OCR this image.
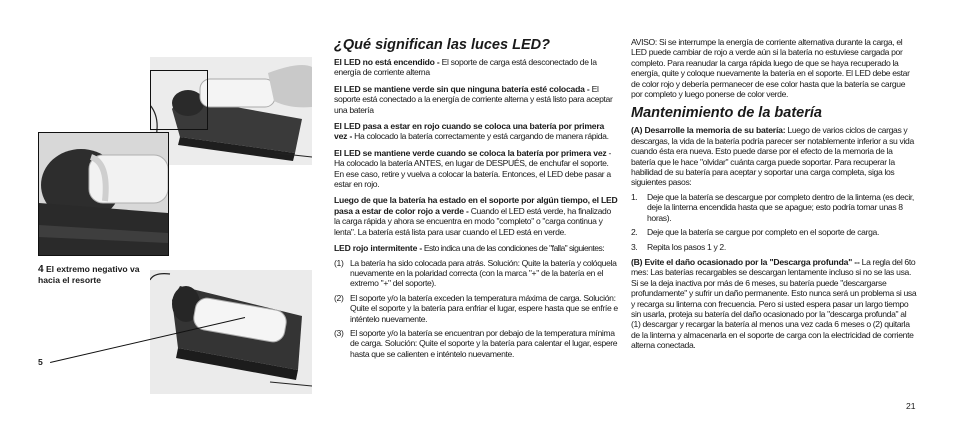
4 El extremo negativo va hacia el resorte
5
¿Qué significan las luces LED?

El LED no está encendido - El soporte de carga está desconectado de la energía de corriente alterna

El LED se mantiene verde sin que ninguna batería esté colocada - El soporte está conectado a la energía de corriente alterna y está listo para aceptar una batería

El LED pasa a estar en rojo cuando se coloca una batería por primera vez - Ha colocado la batería correctamente y está cargando de manera rápida.

El LED se mantiene verde cuando se coloca la batería por primera vez - Ha colocado la batería ANTES, en lugar de DESPUÉS, de enchufar el soporte. En ese caso, retire y vuelva a colocar la batería. Entonces, el LED debe pasar a estar en rojo.

Luego de que la batería ha estado en el soporte por algún tiempo, el LED pasa a estar de color rojo a verde - Cuando el LED está verde, ha finalizado la carga rápida y ahora se encuentra en modo "completo" o "carga continua y lenta". La batería está lista para usar cuando el LED está en verde.

LED rojo intermitente - Esto indica una de las condiciones de "falla" siguientes:

(1) La batería ha sido colocada para atrás. Solución: Quite la batería y colóquela nuevamente en la polaridad correcta (con la marca "+" de la batería en el extremo "+" del soporte).
(2) El soporte y/o la batería exceden la temperatura máxima de carga. Solución: Quite el soporte y la batería para enfriar el lugar, espere hasta que se enfríe e inténtelo nuevamente.
(3) El soporte y/o la batería se encuentran por debajo de la temperatura mínima de carga. Solución: Quite el soporte y la batería para calentar el lugar, espere hasta que se calienten e inténtelo nuevamente.

AVISO: Si se interrumpe la energía de corriente alternativa durante la carga, el LED puede cambiar de rojo a verde aún si la batería no estuviese cargada por completo. Para reanudar la carga rápida luego de que se haya recuperado la energía, quite y coloque nuevamente la batería en el soporte. El LED debe estar de color rojo y debería permanecer de ese color hasta que la batería se cargue por completo y luego ponerse de color verde.

Mantenimiento de la batería

(A) Desarrolle la memoria de su batería: Luego de varios ciclos de cargas y descargas, la vida de la batería podría parecer ser notablemente inferior a su vida cuando ésta era nueva. Esto puede darse por el efecto de la memoria de la batería que le hace "olvidar" cuánta carga puede soportar. Para recuperar la habilidad de su batería para aceptar y soportar una carga completa, siga los siguientes pasos:

1. Deje que la batería se descargue por completo dentro de la linterna (es decir, deje la linterna encendida hasta que se apague; esto podría tomar unas 8 horas).
2. Deje que la batería se cargue por completo en el soporte de carga.
3. Repita los pasos 1 y 2.

(B) Evite el daño ocasionado por la "Descarga profunda" -- La regla del 6to mes: Las baterías recargables se descargan lentamente incluso si no se las usa. Si se la deja inactiva por más de 6 meses, su batería puede "descargarse profundamente" y sufrir un daño permanente. Esto nunca será un problema si usa y recarga su linterna con frecuencia. Pero si usted espera pasar un largo tiempo sin usarla, proteja su batería del daño ocasionado por la "descarga profunda" al (1) descargar y recargar la batería al menos una vez cada 6 meses o (2) quitarla de la linterna y almacenarla en el soporte de carga con la electricidad de corriente alterna conectada.

21
